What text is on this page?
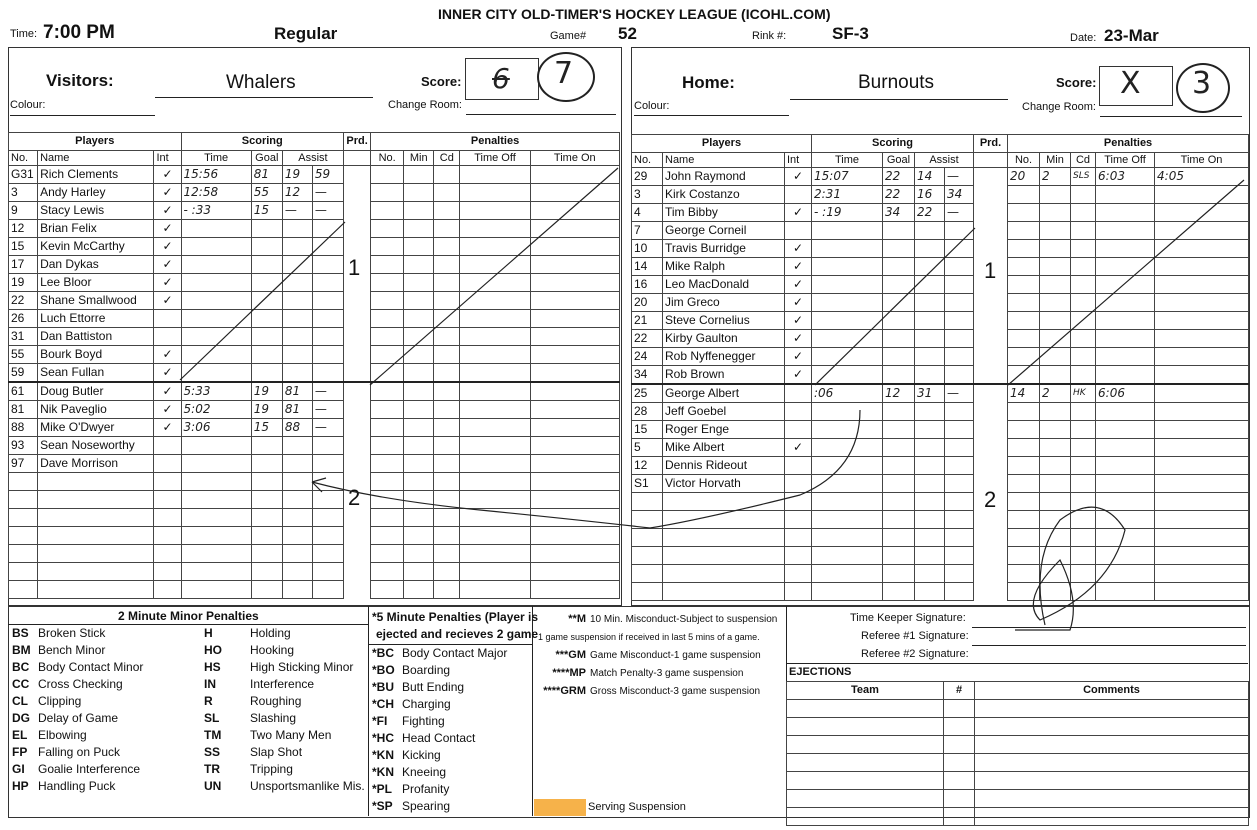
INNER CITY OLD-TIMER'S HOCKEY LEAGUE (ICOHL.COM)
Time: 7:00 PM	Regular	Game# 52	Rink #:	SF-3	Date: 23-Mar
Visitors:	Whalers
Colour:
Score: 6 7
Change Room:
Players			Scoring				Prd.	Penalties				
No.	Name	Int	Time	Goal	Assist			No.	Min	Cd	Time Off	Time On
G31	Rich Clements	✓	15:56	81	19	59						
3	Andy Harley	✓	12:58	55	12	—						
9	Stacy Lewis	✓	- :33	15	—	—						
12	Brian Felix	✓										
15	Kevin McCarthy	✓										
17	Dan Dykas	✓										
19	Lee Bloor	✓										
22	Shane Smallwood	✓										
26	Luch Ettorre											
31	Dan Battiston											
55	Bourk Boyd	✓										
59	Sean Fullan	✓										
61	Doug Butler	✓	5:33	19	81	—						
81	Nik Paveglio	✓	5:02	19	81	—						
88	Mike O'Dwyer	✓	3:06	15	88	—						
93	Sean Noseworthy											
97	Dave Morrison											

Home:	Burnouts
Colour:
Score: X 3
Change Room:
Players			Scoring				Prd.	Penalties				
No.	Name	Int	Time	Goal	Assist			No.	Min	Cd	Time Off	Time On
29	John Raymond	✓	15:07	22	14	—		20	2	SLS	6:03	4:05
3	Kirk Costanzo		2:31	22	16	34						
4	Tim Bibby	✓	- :19	34	22	—						
7	George Corneil											
10	Travis Burridge	✓										
14	Mike Ralph	✓										
16	Leo MacDonald	✓										
20	Jim Greco	✓										
21	Steve Cornelius	✓										
22	Kirby Gaulton	✓										
24	Rob Nyffenegger	✓										
34	Rob Brown	✓										
25	George Albert		:06	12	31	—		14	2	HK	6:06	
28	Jeff Goebel											
15	Roger Enge											
5	Mike Albert	✓										
12	Dennis Rideout											
S1	Victor Horvath											

1
2
1
2
2 Minute Minor Penalties
BS	Broken Stick	H	Holding
BM	Bench Minor	HO	Hooking
BC	Body Contact Minor	HS	High Sticking Minor
CC	Cross Checking	IN	Interference
CL	Clipping	R	Roughing
DG	Delay of Game	SL	Slashing
EL	Elbowing	TM	Two Many Men
FP	Falling on Puck	SS	Slap Shot
GI	Goalie Interference	TR	Tripping
HP	Handling Puck	UN	Unsportsmanlike Mis.
*5 Minute Penalties (Player is
ejected and recieves 2 game
*BC	Body Contact Major
*BO	Boarding
*BU	Butt Ending
*CH	Charging
*FI	Fighting
*HC	Head Contact
*KN	Kicking
*KN	Kneeing
*PL	Profanity
*SP	Spearing
**M 10 Min. Misconduct-Subject to suspension
1 game suspension if received in last 5 mins of a game.
***GM Game Misconduct-1 game suspension
****MP Match Penalty-3 game suspension
****GRM Gross Misconduct-3 game suspension
Serving Suspension
Time Keeper Signature:
Referee #1 Signature:
Referee #2 Signature:
EJECTIONS
Team	#	Comments
